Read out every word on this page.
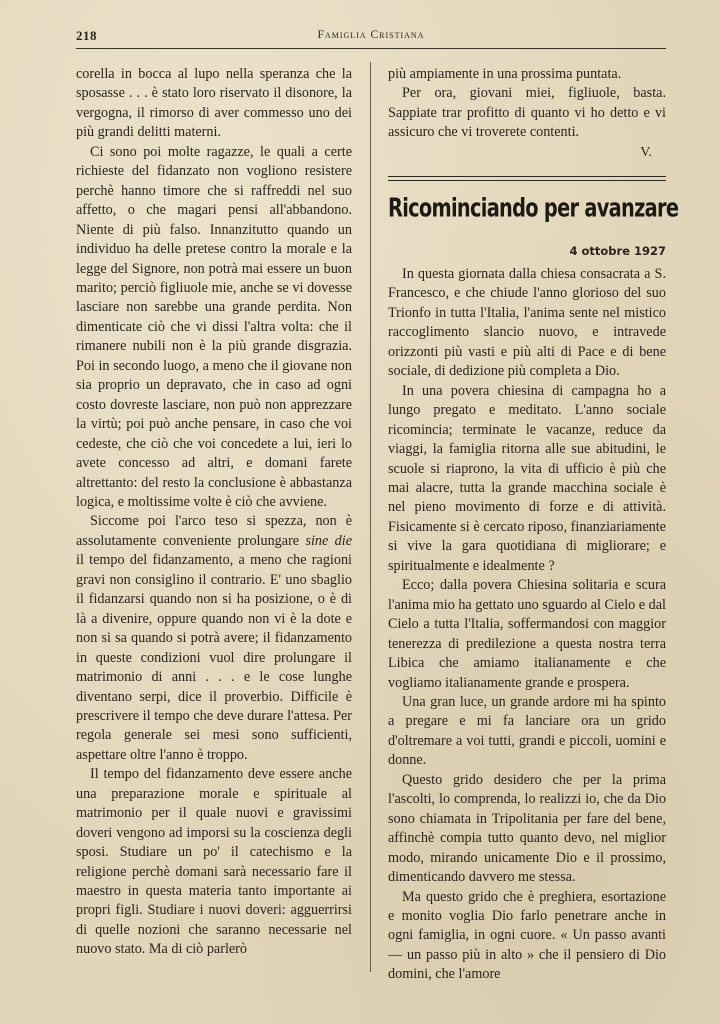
218	Famiglia Cristiana

corella in bocca al lupo nella speranza che la sposasse . . . è stato loro riservato il disonore, la vergogna, il rimorso di aver commesso uno dei più grandi delitti materni.

Ci sono poi molte ragazze, le quali a certe richieste del fidanzato non vogliono resistere perchè hanno timore che si raffreddi nel suo affetto, o che magari pensi all'abbandono. Niente di più falso. Innanzitutto quando un individuo ha delle pretese contro la morale e la legge del Signore, non potrà mai essere un buon marito; perciò figliuole mie, anche se vi dovesse lasciare non sarebbe una grande perdita. Non dimenticate ciò che vi dissi l'altra volta: che il rimanere nubili non è la più grande disgrazia. Poi in secondo luogo, a meno che il giovane non sia proprio un depravato, che in caso ad ogni costo dovreste lasciare, non può non apprezzare la virtù; poi può anche pensare, in caso che voi cedeste, che ciò che voi concedete a lui, ieri lo avete concesso ad altri, e domani farete altrettanto: del resto la conclusione è abbastanza logica, e moltissime volte è ciò che avviene.

Siccome poi l'arco teso si spezza, non è assolutamente conveniente prolungare sine die il tempo del fidanzamento, a meno che ragioni gravi non consiglino il contrario. E' uno sbaglio il fidanzarsi quando non si ha posizione, o è di là a divenire, oppure quando non vi è la dote e non si sa quando si potrà avere; il fidanzamento in queste condizioni vuol dire prolungare il matrimonio di anni . . . e le cose lunghe diventano serpi, dice il proverbio. Difficile è prescrivere il tempo che deve durare l'attesa. Per regola generale sei mesi sono sufficienti, aspettare oltre l'anno è troppo.

Il tempo del fidanzamento deve essere anche una preparazione morale e spirituale al matrimonio per il quale nuovi e gravissimi doveri vengono ad imporsi su la coscienza degli sposi. Studiare un po' il catechismo e la religione perchè domani sarà necessario fare il maestro in questa materia tanto importante ai propri figli. Studiare i nuovi doveri: agguerrirsi di quelle nozioni che saranno necessarie nel nuovo stato. Ma di ciò parlerò

più ampiamente in una prossima puntata.

Per ora, giovani miei, figliuole, basta. Sappiate trar profitto di quanto vi ho detto e vi assicuro che vi troverete contenti.

V.
Ricominciando per avanzare
4 ottobre 1927

In questa giornata dalla chiesa consacrata a S. Francesco, e che chiude l'anno glorioso del suo Trionfo in tutta l'Italia, l'anima sente nel mistico raccoglimento slancio nuovo, e intravede orizzonti più vasti e più alti di Pace e di bene sociale, di dedizione più completa a Dio.

In una povera chiesina di campagna ho a lungo pregato e meditato. L'anno sociale ricomincia; terminate le vacanze, reduce da viaggi, la famiglia ritorna alle sue abitudini, le scuole si riaprono, la vita di ufficio è più che mai alacre, tutta la grande macchina sociale è nel pieno movimento di forze e di attività. Fisicamente si è cercato riposo, finanziariamente si vive la gara quotidiana di migliorare; e spiritualmente e idealmente ?

Ecco; dalla povera Chiesina solitaria e scura l'anima mio ha gettato uno sguardo al Cielo e dal Cielo a tutta l'Italia, soffermandosi con maggior tenerezza di predilezione a questa nostra terra Libica che amiamo italianamente e che vogliamo italianamente grande e prospera.

Una gran luce, un grande ardore mi ha spinto a pregare e mi fa lanciare ora un grido d'oltremare a voi tutti, grandi e piccoli, uomini e donne.

Questo grido desidero che per la prima l'ascolti, lo comprenda, lo realizzi io, che da Dio sono chiamata in Tripolitania per fare del bene, affinchè compia tutto quanto devo, nel miglior modo, mirando unicamente Dio e il prossimo, dimenticando davvero me stessa.

Ma questo grido che è preghiera, esortazione e monito voglia Dio farlo penetrare anche in ogni famiglia, in ogni cuore. « Un passo avanti — un passo più in alto » che il pensiero di Dio domini, che l'amore
